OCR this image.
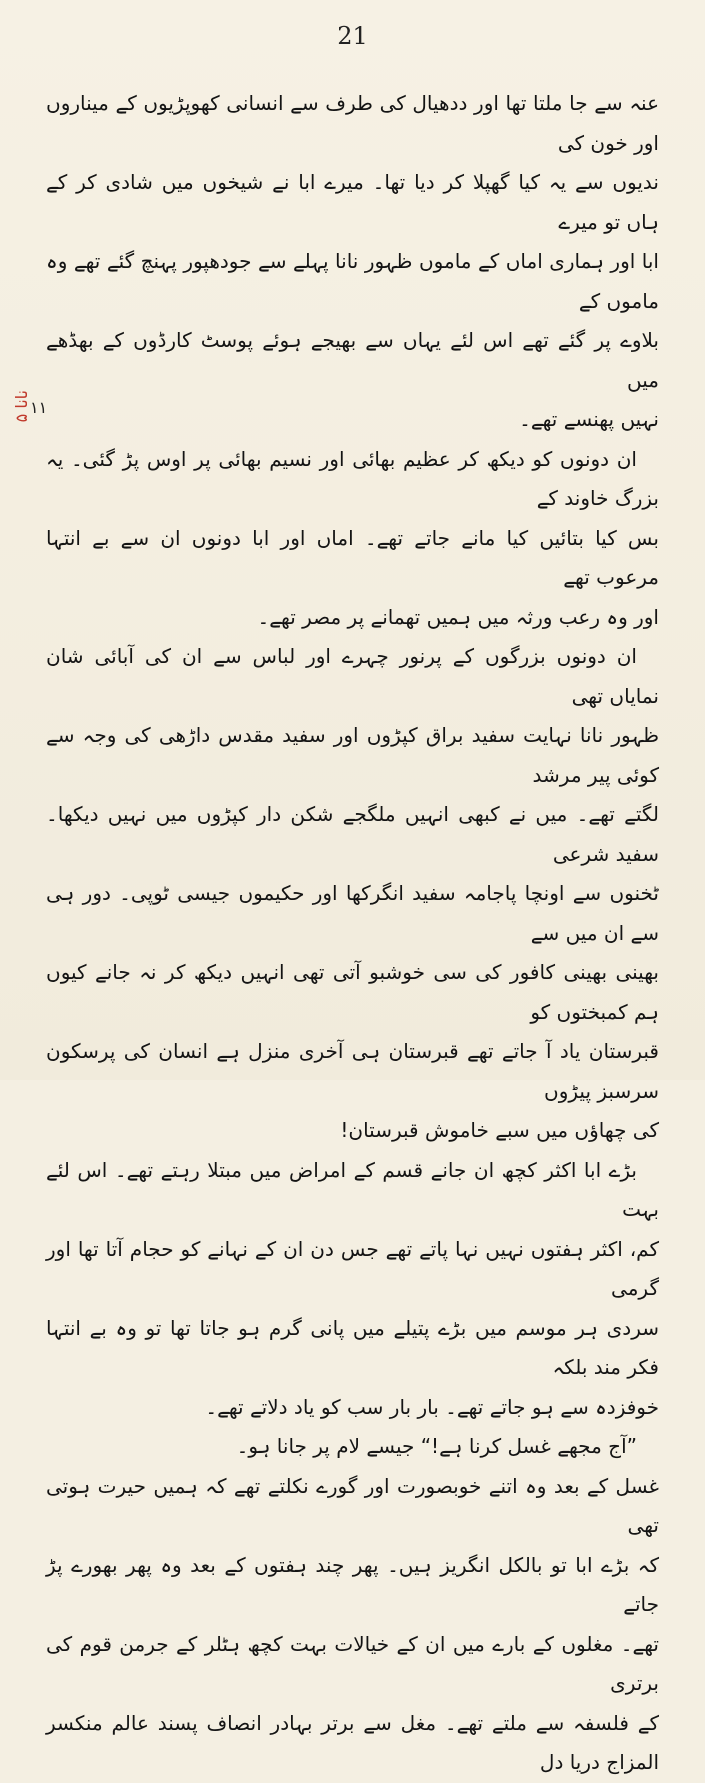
21
نانا ۵ ۱۱

عنہ سے جا ملتا تھا اور ددھیال کی طرف سے انسانی کھوپڑیوں کے میناروں اور خون کی

ندیوں سے یہ کیا گھپلا کر دیا تھا۔ میرے ابا نے شیخوں میں شادی کر کے ہاں تو میرے

ابا اور ہماری اماں کے ماموں ظہور نانا پہلے سے جودھپور پہنچ گئے تھے وہ ماموں کے

بلاوے پر گئے تھے اس لئے یہاں سے بھیجے ہوئے پوسٹ کارڈوں کے بھڈھے میں

نہیں پھنسے تھے۔

ان دونوں کو دیکھ کر عظیم بھائی اور نسیم بھائی پر اوس پڑ گئی۔ یہ بزرگ خاوند کے

بس کیا بتائیں کیا مانے جاتے تھے۔ اماں اور ابا دونوں ان سے بے انتہا مرعوب تھے

اور وہ رعب ورثہ میں ہمیں تھمانے پر مصر تھے۔

ان دونوں بزرگوں کے پرنور چہرے اور لباس سے ان کی آبائی شان نمایاں تھی

ظہور نانا نہایت سفید براق کپڑوں اور سفید مقدس داڑھی کی وجہ سے کوئی پیر مرشد

لگتے تھے۔ میں نے کبھی انہیں ملگجے شکن دار کپڑوں میں نہیں دیکھا۔ سفید شرعی

ٹخنوں سے اونچا پاجامہ سفید انگرکھا اور حکیموں جیسی ٹوپی۔ دور ہی سے ان میں سے

بھینی بھینی کافور کی سی خوشبو آتی تھی انہیں دیکھ کر نہ جانے کیوں ہم کمبختوں کو

قبرستان یاد آ جاتے تھے قبرستان ہی آخری منزل ہے انسان کی پرسکون سرسبز پیڑوں

کی چھاؤں میں سبے خاموش قبرستان!

بڑے ابا اکثر کچھ ان جانے قسم کے امراض میں مبتلا رہتے تھے۔ اس لئے بہت

کم، اکثر ہفتوں نہیں نہا پاتے تھے جس دن ان کے نہانے کو حجام آتا تھا اور گرمی

سردی ہر موسم میں بڑے پتیلے میں پانی گرم ہو جاتا تھا تو وہ بے انتہا فکر مند بلکہ

خوفزدہ سے ہو جاتے تھے۔ بار بار سب کو یاد دلاتے تھے۔

”آج مجھے غسل کرنا ہے!“ جیسے لام پر جانا ہو۔

غسل کے بعد وہ اتنے خوبصورت اور گورے نکلتے تھے کہ ہمیں حیرت ہوتی تھی

کہ بڑے ابا تو بالکل انگریز ہیں۔ پھر چند ہفتوں کے بعد وہ پھر بھورے پڑ جاتے

تھے۔ مغلوں کے بارے میں ان کے خیالات بہت کچھ ہٹلر کے جرمن قوم کی برتری

کے فلسفہ سے ملتے تھے۔ مغل سے برتر بہادر انصاف پسند عالم منکسر المزاج دریا دل
